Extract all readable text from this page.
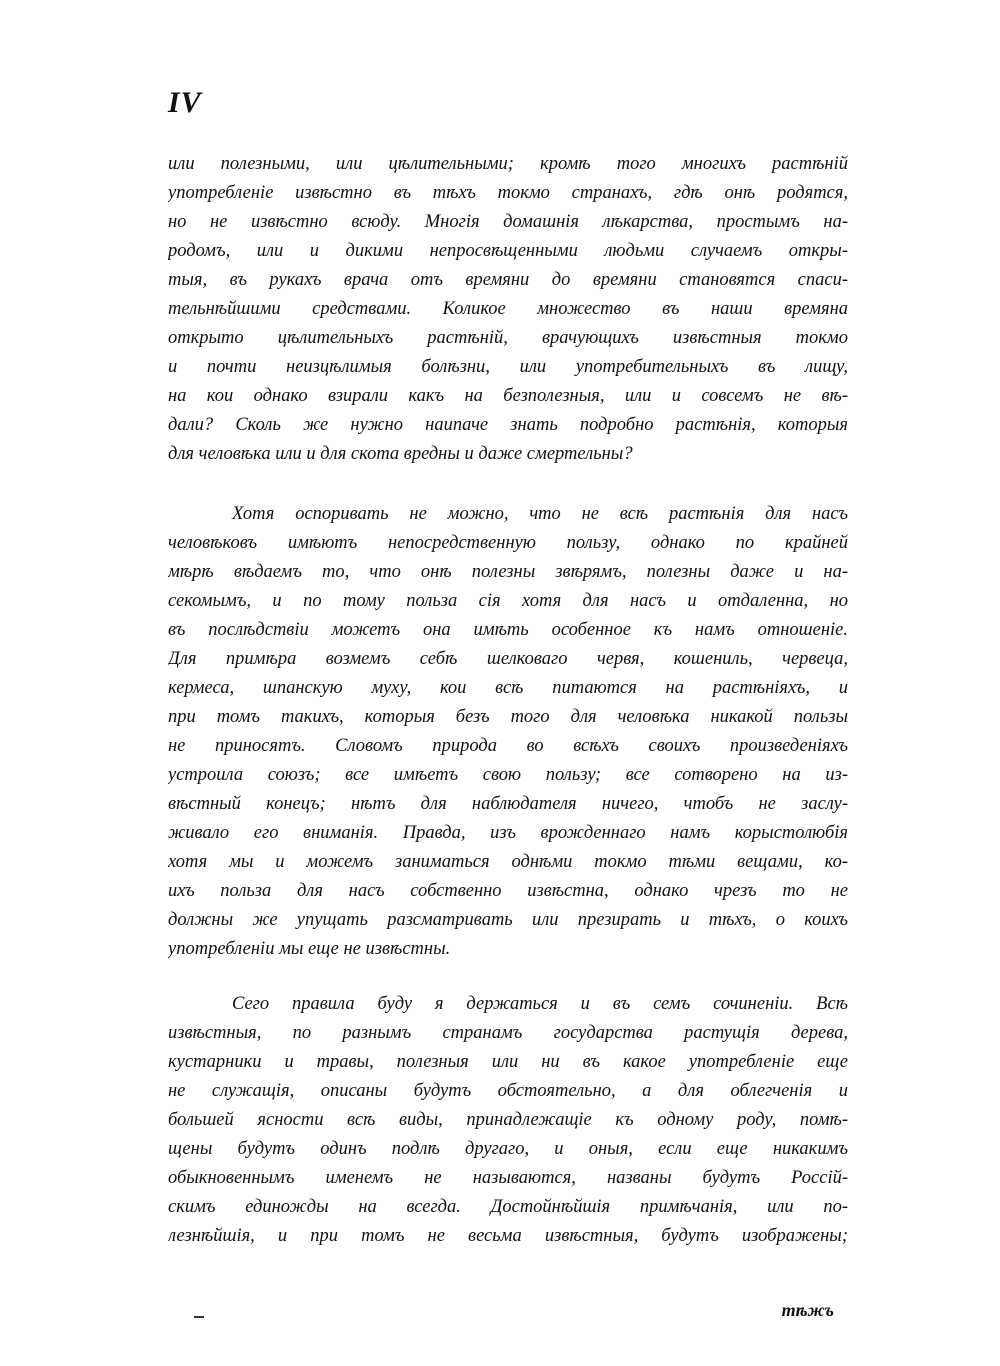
IV
или полезными, или цѣлительными; кромѣ того многихъ растѣній
употребленіе извѣстно въ тѣхъ токмо странахъ, гдѣ онѣ родятся,
но не извѣстно всюду. Многія домашнія лѣкарства, простымъ на-
родомъ, или и дикими непросвѣщенными людьми случаемъ откры-
тыя, въ рукахъ врача отъ времяни до времяни становятся спаси-
тельнѣйшими средствами. Коликое множество въ наши времяна
открыто цѣлительныхъ растѣній, врачующихъ извѣстныя токмо
и почти неизцѣлимыя болѣзни, или употребительныхъ въ лищу,
на кои однако взирали какъ на безполезныя, или и совсемъ не вѣ-
дали? Сколь же нужно наипаче знать подробно растѣнія, которыя
для человѣка или и для скота вредны и даже смертельны?
Хотя оспоривать не можно, что не всѣ растѣнія для насъ
человѣковъ имѣютъ непосредственную пользу, однако по крайней
мѣрѣ вѣдаемъ то, что онѣ полезны звѣрямъ, полезны даже и на-
секомымъ, и по тому польза сія хотя для насъ и отдаленна, но
въ послѣдствіи можетъ она имѣть особенное къ намъ отношеніе.
Для примѣра возмемъ себѣ шелковаго червя, кошениль, червеца,
кермеса, шпанскую муху, кои всѣ питаются на растѣніяхъ, и
при томъ такихъ, которыя безъ того для человѣка никакой пользы
не приносятъ. Словомъ природа во всѣхъ своихъ произведеніяхъ
устроила союзъ; все имѣетъ свою пользу; все сотворено на из-
вѣстный конецъ; нѣтъ для наблюдателя ничего, чтобъ не заслу-
живало его вниманія. Правда, изъ врожденнаго намъ корыстолюбія
хотя мы и можемъ заниматься однѣми токмо тѣми вещами, ко-
ихъ польза для насъ собственно извѣстна, однако чрезъ то не
должны же упущать разсматривать или презирать и тѣхъ, о коихъ
употребленіи мы еще не извѣстны.
Сего правила буду я держаться и въ семъ сочиненіи. Всѣ
извѣстныя, по разнымъ странамъ государства растущія дерева,
кустарники и травы, полезныя или ни въ какое употребленіе еще
не служащія, описаны будутъ обстоятельно, а для облегченія и
большей ясности всѣ виды, принадлежащіе къ одному роду, помѣ-
щены будутъ одинъ подлѣ другаго, и оныя, если еще никакимъ
обыкновеннымъ именемъ не называются, названы будутъ Россій-
скимъ единожды на всегда. Достойнѣйшія примѣчанія, или по-
лезнѣйшія, и при томъ не весьма извѣстныя, будутъ изображены;
тѣжъ
